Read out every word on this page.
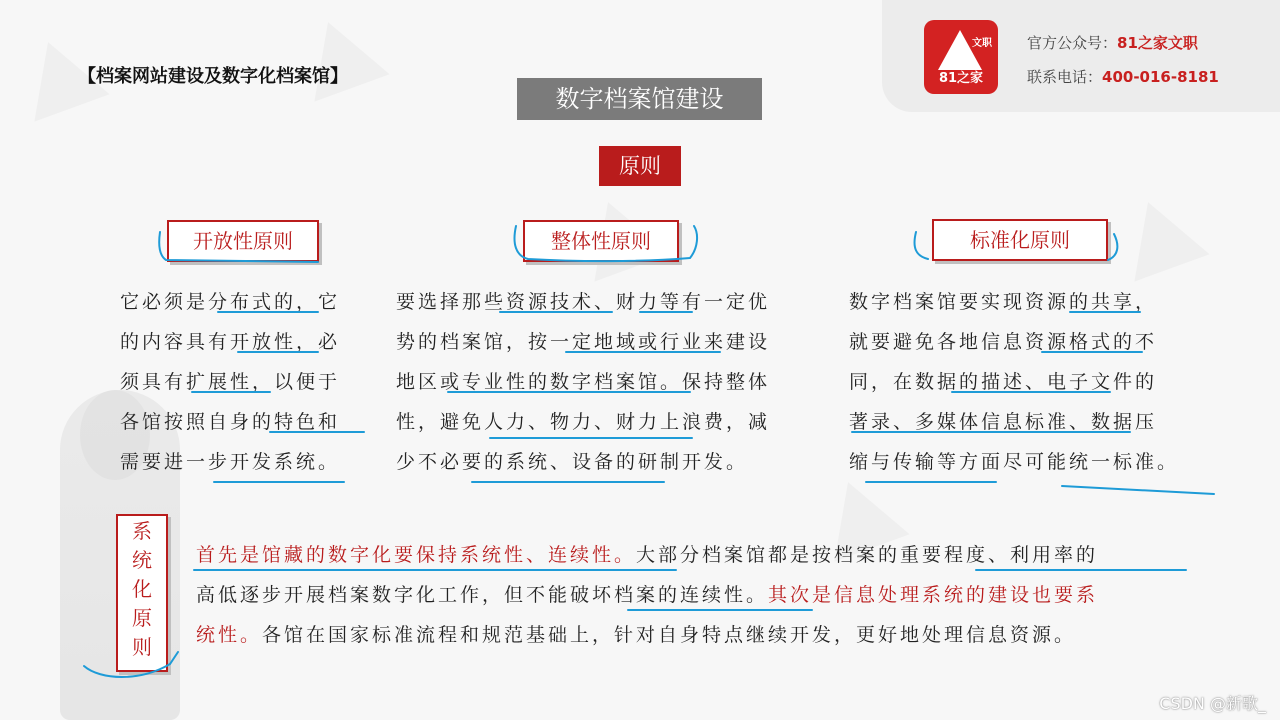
文职
81之家
官方公众号：81之家文职
联系电话：400-016-8181
【档案网站建设及数字化档案馆】
数字档案馆建设
原则
开放性原则	整体性原则	标准化原则
它必须是分布式的，它
的内容具有开放性，必
须具有扩展性，以便于
各馆按照自身的特色和
需要进一步开发系统。
要选择那些资源技术、财力等有一定优
势的档案馆，按一定地域或行业来建设
地区或专业性的数字档案馆。保持整体
性，避免人力、物力、财力上浪费，减
少不必要的系统、设备的研制开发。
数字档案馆要实现资源的共享，
就要避免各地信息资源格式的不
同，在数据的描述、电子文件的
著录、多媒体信息标准、数据压
缩与传输等方面尽可能统一标准。
系
统
化
原
则
首先是馆藏的数字化要保持系统性、连续性。大部分档案馆都是按档案的重要程度、利用率的
高低逐步开展档案数字化工作，但不能破坏档案的连续性。其次是信息处理系统的建设也要系
统性。各馆在国家标准流程和规范基础上，针对自身特点继续开发，更好地处理信息资源。
CSDN @新歌_
